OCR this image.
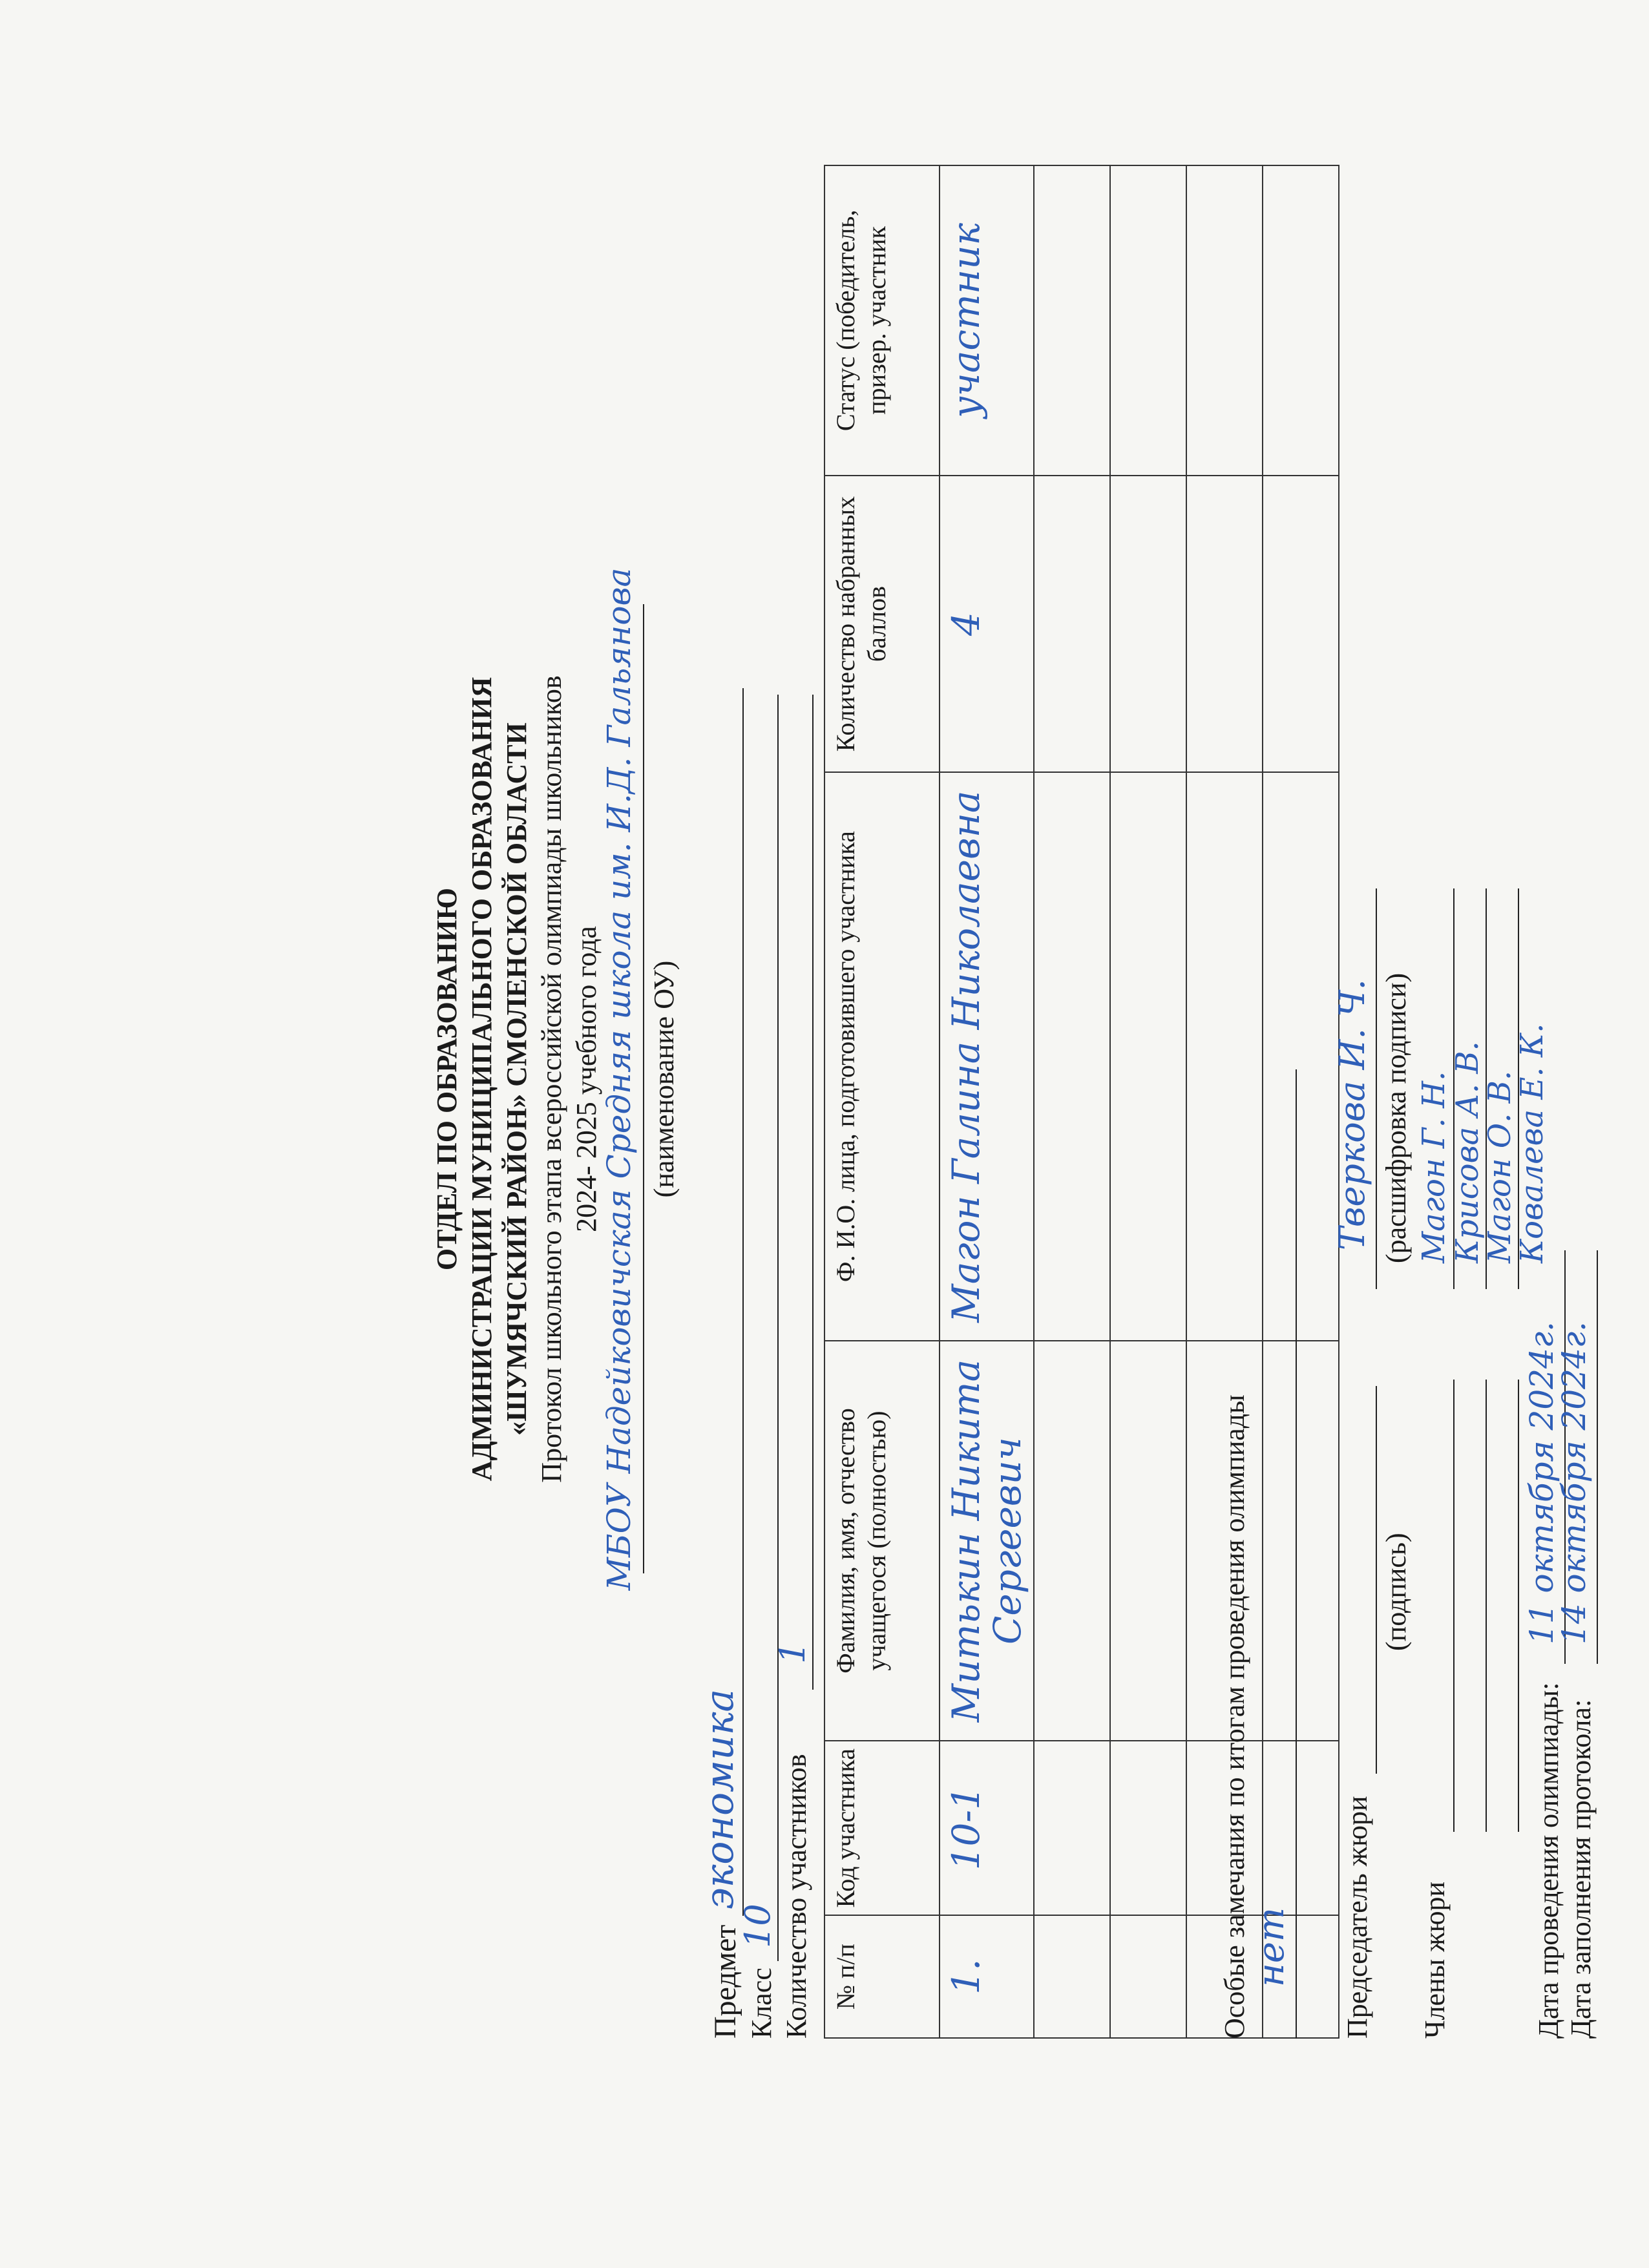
ОТДЕЛ ПО ОБРАЗОВАНИЮ АДМИНИСТРАЦИИ МУНИЦИПАЛЬНОГО ОБРАЗОВАНИЯ «ШУМЯЧСКИЙ РАЙОН» СМОЛЕНСКОЙ ОБЛАСТИ Протокол школьного этапа всероссийской олимпиады школьников 2024- 2025 учебного года
МБОУ Надейковичская Средняя школа им. И.Д. Гальянова (наименование ОУ)
Предмет
экономика
Класс
10 Количество участников
1
№ п/п	Код участника	Фамилия, имя, отчество учащегося (полностью)	Ф. И.О. лица, подготовившего участника	Количество набранных баллов	Статус (победитель, призер. участник
1.	10-1	Митькин Никита Сергеевич	Магон Галина Николаевна	4	участник

Особые замечания по итогам проведения олимпиады нет Председатель жюри
(подпись)
Тверкова И. Ч. (расшифровка подписи)
Члены жюри
Магон Г. Н.
Крисова А. В.
Магон О. В.
Ковалева Е. К.
Дата проведения олимпиады:
11 октября 2024г.
Дата заполнения протокола:
14 октября 2024г.
